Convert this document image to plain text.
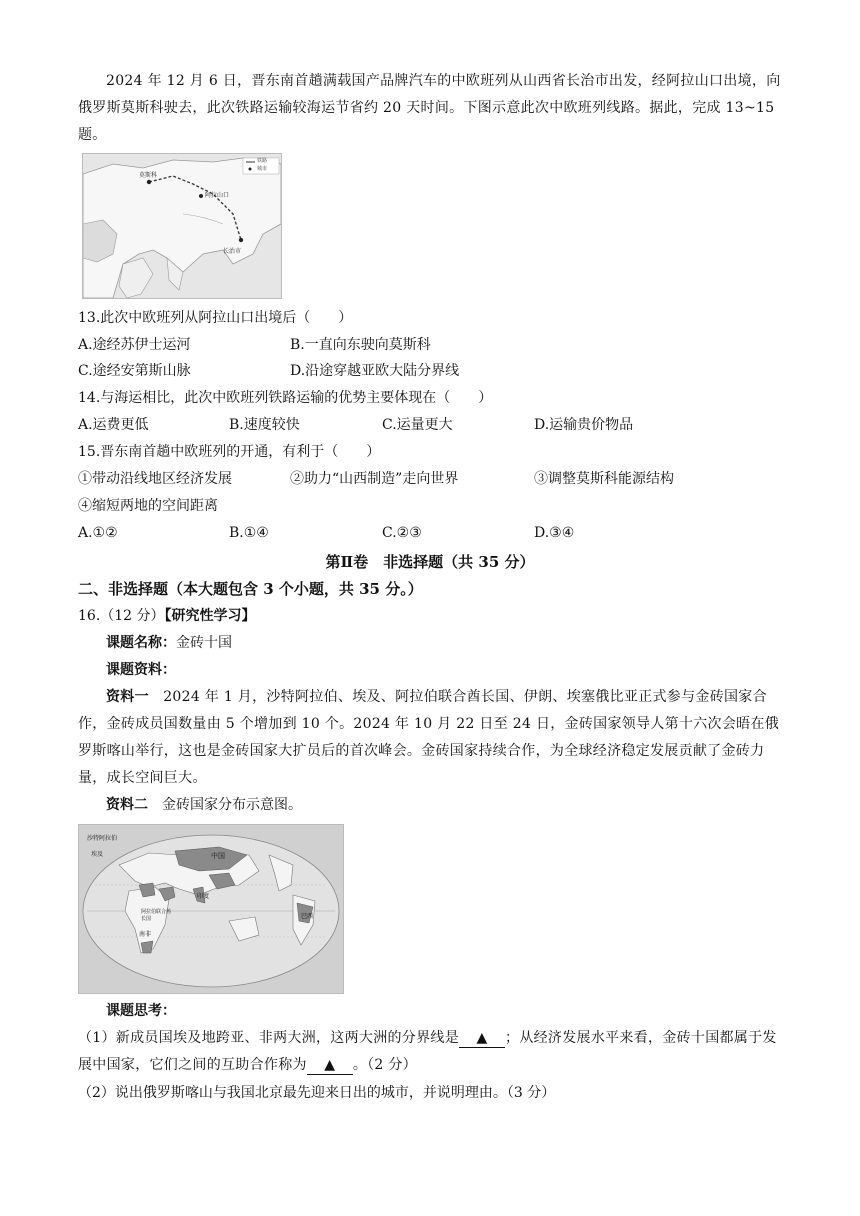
2024 年 12 月 6 日，晋东南首趟满载国产品牌汽车的中欧班列从山西省长治市出发，经阿拉山口出境，向俄罗斯莫斯科驶去，此次铁路运输较海运节省约 20 天时间。下图示意此次中欧班列线路。据此，完成 13~15 题。
铁路
城市
莫斯科
阿拉山口
长治市
13.此次中欧班列从阿拉山口出境后（　　）
A.途经苏伊士运河	B.一直向东驶向莫斯科
C.途经安第斯山脉	D.沿途穿越亚欧大陆分界线
14.与海运相比，此次中欧班列铁路运输的优势主要体现在（　　）
A.运费更低	B.速度较快	C.运量更大	D.运输贵价物品
15.晋东南首趟中欧班列的开通，有利于（　　）
①带动沿线地区经济发展	②助力“山西制造”走向世界	③调整莫斯科能源结构
④缩短两地的空间距离
A.①②	B.①④	C.②③	D.③④
第Ⅱ卷　非选择题（共 35 分）
二、非选择题（本大题包含 3 个小题，共 35 分。）
16.（12 分）【研究性学习】
课题名称：金砖十国
课题资料：
资料一　 2024 年 1 月，沙特阿拉伯、埃及、阿拉伯联合酋长国、伊朗、埃塞俄比亚正式参与金砖国家合作，金砖成员国数量由 5 个增加到 10 个。2024 年 10 月 22 日至 24 日，金砖国家领导人第十六次会晤在俄罗斯喀山举行，这也是金砖国家大扩员后的首次峰会。金砖国家持续合作，为全球经济稳定发展贡献了金砖力量，成长空间巨大。
资料二　 金砖国家分布示意图。
沙特阿拉伯
埃及	中国
印度
阿拉伯联合酋长国
南非
巴西
课题思考：
（1）新成员国埃及地跨亚、非两大洲，这两大洲的分界线是 ▲ ；从经济发展水平来看，金砖十国都属于发展中国家，它们之间的互助合作称为 ▲ 。（2 分）
（2）说出俄罗斯喀山与我国北京最先迎来日出的城市，并说明理由。（3 分）
